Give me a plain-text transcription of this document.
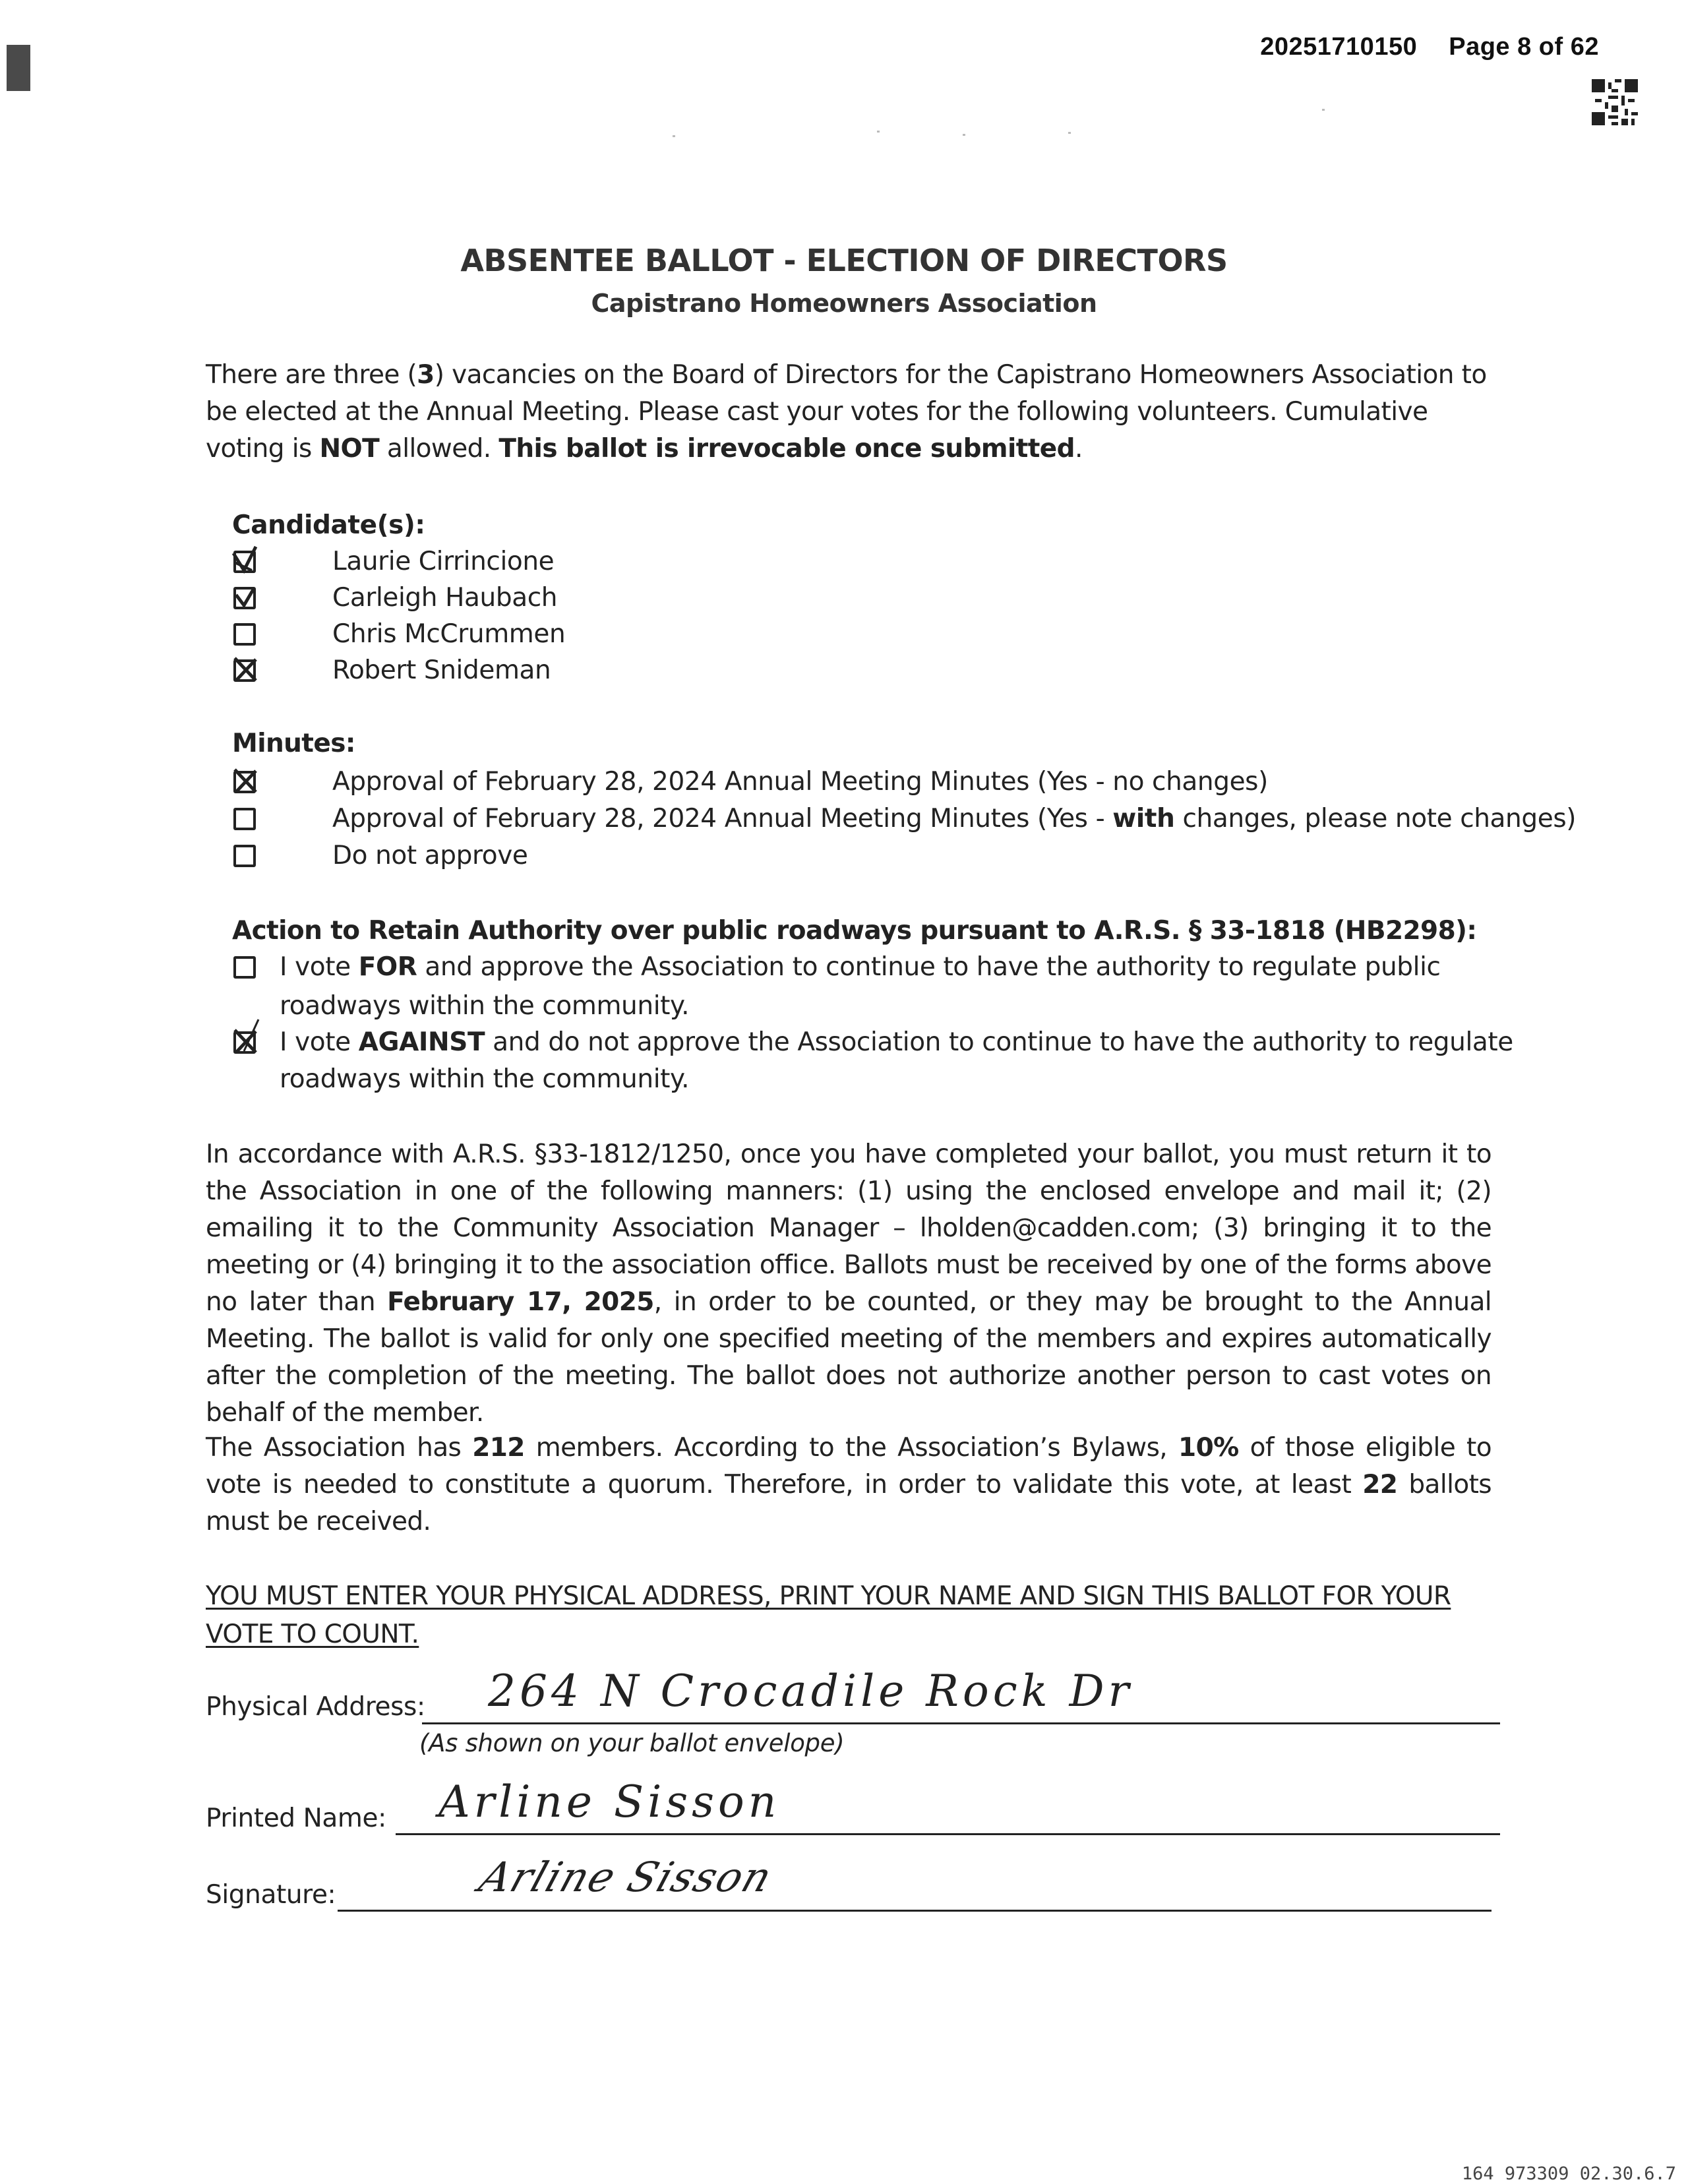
20251710150 Page 8 of 62
ABSENTEE BALLOT - ELECTION OF DIRECTORS
Capistrano Homeowners Association
There are three (3) vacancies on the Board of Directors for the Capistrano Homeowners Association to be elected at the Annual Meeting. Please cast your votes for the following volunteers. Cumulative voting is NOT allowed. This ballot is irrevocable once submitted.
Candidate(s):
Laurie Cirrincione
Carleigh Haubach
Chris McCrummen
Robert Snideman
Minutes:
Approval of February 28, 2024 Annual Meeting Minutes (Yes - no changes)
Approval of February 28, 2024 Annual Meeting Minutes (Yes - with changes, please note changes)
Do not approve
Action to Retain Authority over public roadways pursuant to A.R.S. § 33-1818 (HB2298):
I vote FOR and approve the Association to continue to have the authority to regulate public
roadways within the community.
I vote AGAINST and do not approve the Association to continue to have the authority to regulate
roadways within the community.
In accordance with A.R.S. §33-1812/1250, once you have completed your ballot, you must return it to the Association in one of the following manners: (1) using the enclosed envelope and mail it; (2) emailing it to the Community Association Manager – lholden@cadden.com; (3) bringing it to the meeting or (4) bringing it to the association office. Ballots must be received by one of the forms above no later than February 17, 2025, in order to be counted, or they may be brought to the Annual Meeting. The ballot is valid for only one specified meeting of the members and expires automatically after the completion of the meeting. The ballot does not authorize another person to cast votes on behalf of the member.
The Association has 212 members. According to the Association’s Bylaws, 10% of those eligible to vote is needed to constitute a quorum. Therefore, in order to validate this vote, at least 22 ballots must be received.
YOU MUST ENTER YOUR PHYSICAL ADDRESS, PRINT YOUR NAME AND SIGN THIS BALLOT FOR YOUR VOTE TO COUNT.
Physical Address: 264 N Crocadile Rock Dr
(As shown on your ballot envelope)
Printed Name: Arline Sisson
Signature:	Arline Sisson
164 973309 02.30.6.7
